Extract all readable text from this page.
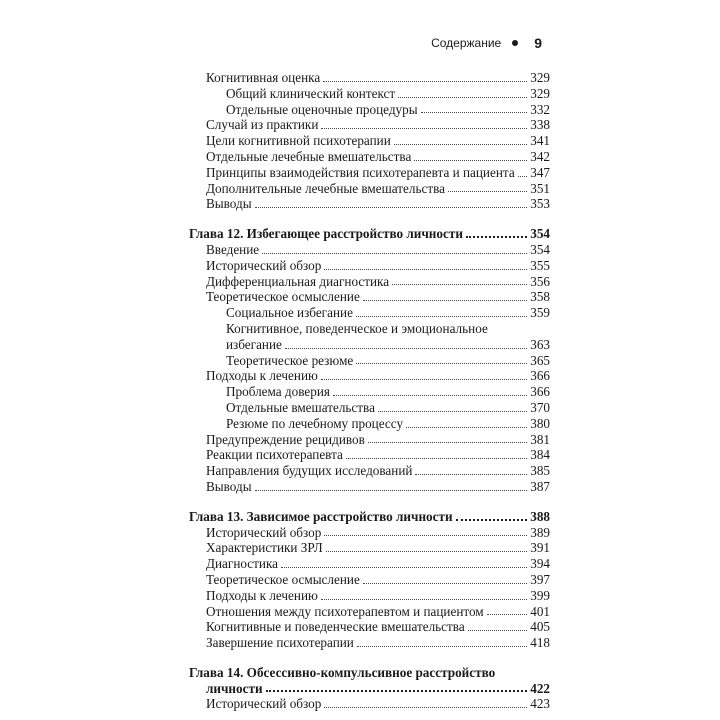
Содержание 9
Когнитивная оценка	329
Общий клинический контекст	329
Отдельные оценочные процедуры	332
Случай из практики	338
Цели когнитивной психотерапии	341
Отдельные лечебные вмешательства	342
Принципы взаимодействия психотерапевта и пациента 347
Дополнительные лечебные вмешательства	351
Выводы	353
Глава 12. Избегающее расстройство личности	354
Введение	354
Исторический обзор	355
Дифференциальная диагностика	356
Теоретическое осмысление	358
Социальное избегание	359
Когнитивное, поведенческое и эмоциональное
избегание	363
Теоретическое резюме	365
Подходы к лечению	366
Проблема доверия	366
Отдельные вмешательства	370
Резюме по лечебному процессу	380
Предупреждение рецидивов	381
Реакции психотерапевта	384
Направления будущих исследований	385
Выводы	387
Глава 13. Зависимое расстройство личности	388
Исторический обзор	389
Характеристики ЗРЛ	391
Диагностика	394
Теоретическое осмысление	397
Подходы к лечению	399
Отношения между психотерапевтом и пациентом	401
Когнитивные и поведенческие вмешательства	405
Завершение психотерапии	418
Глава 14. Обсессивно-компульсивное расстройство
личности	422
Исторический обзор	423
